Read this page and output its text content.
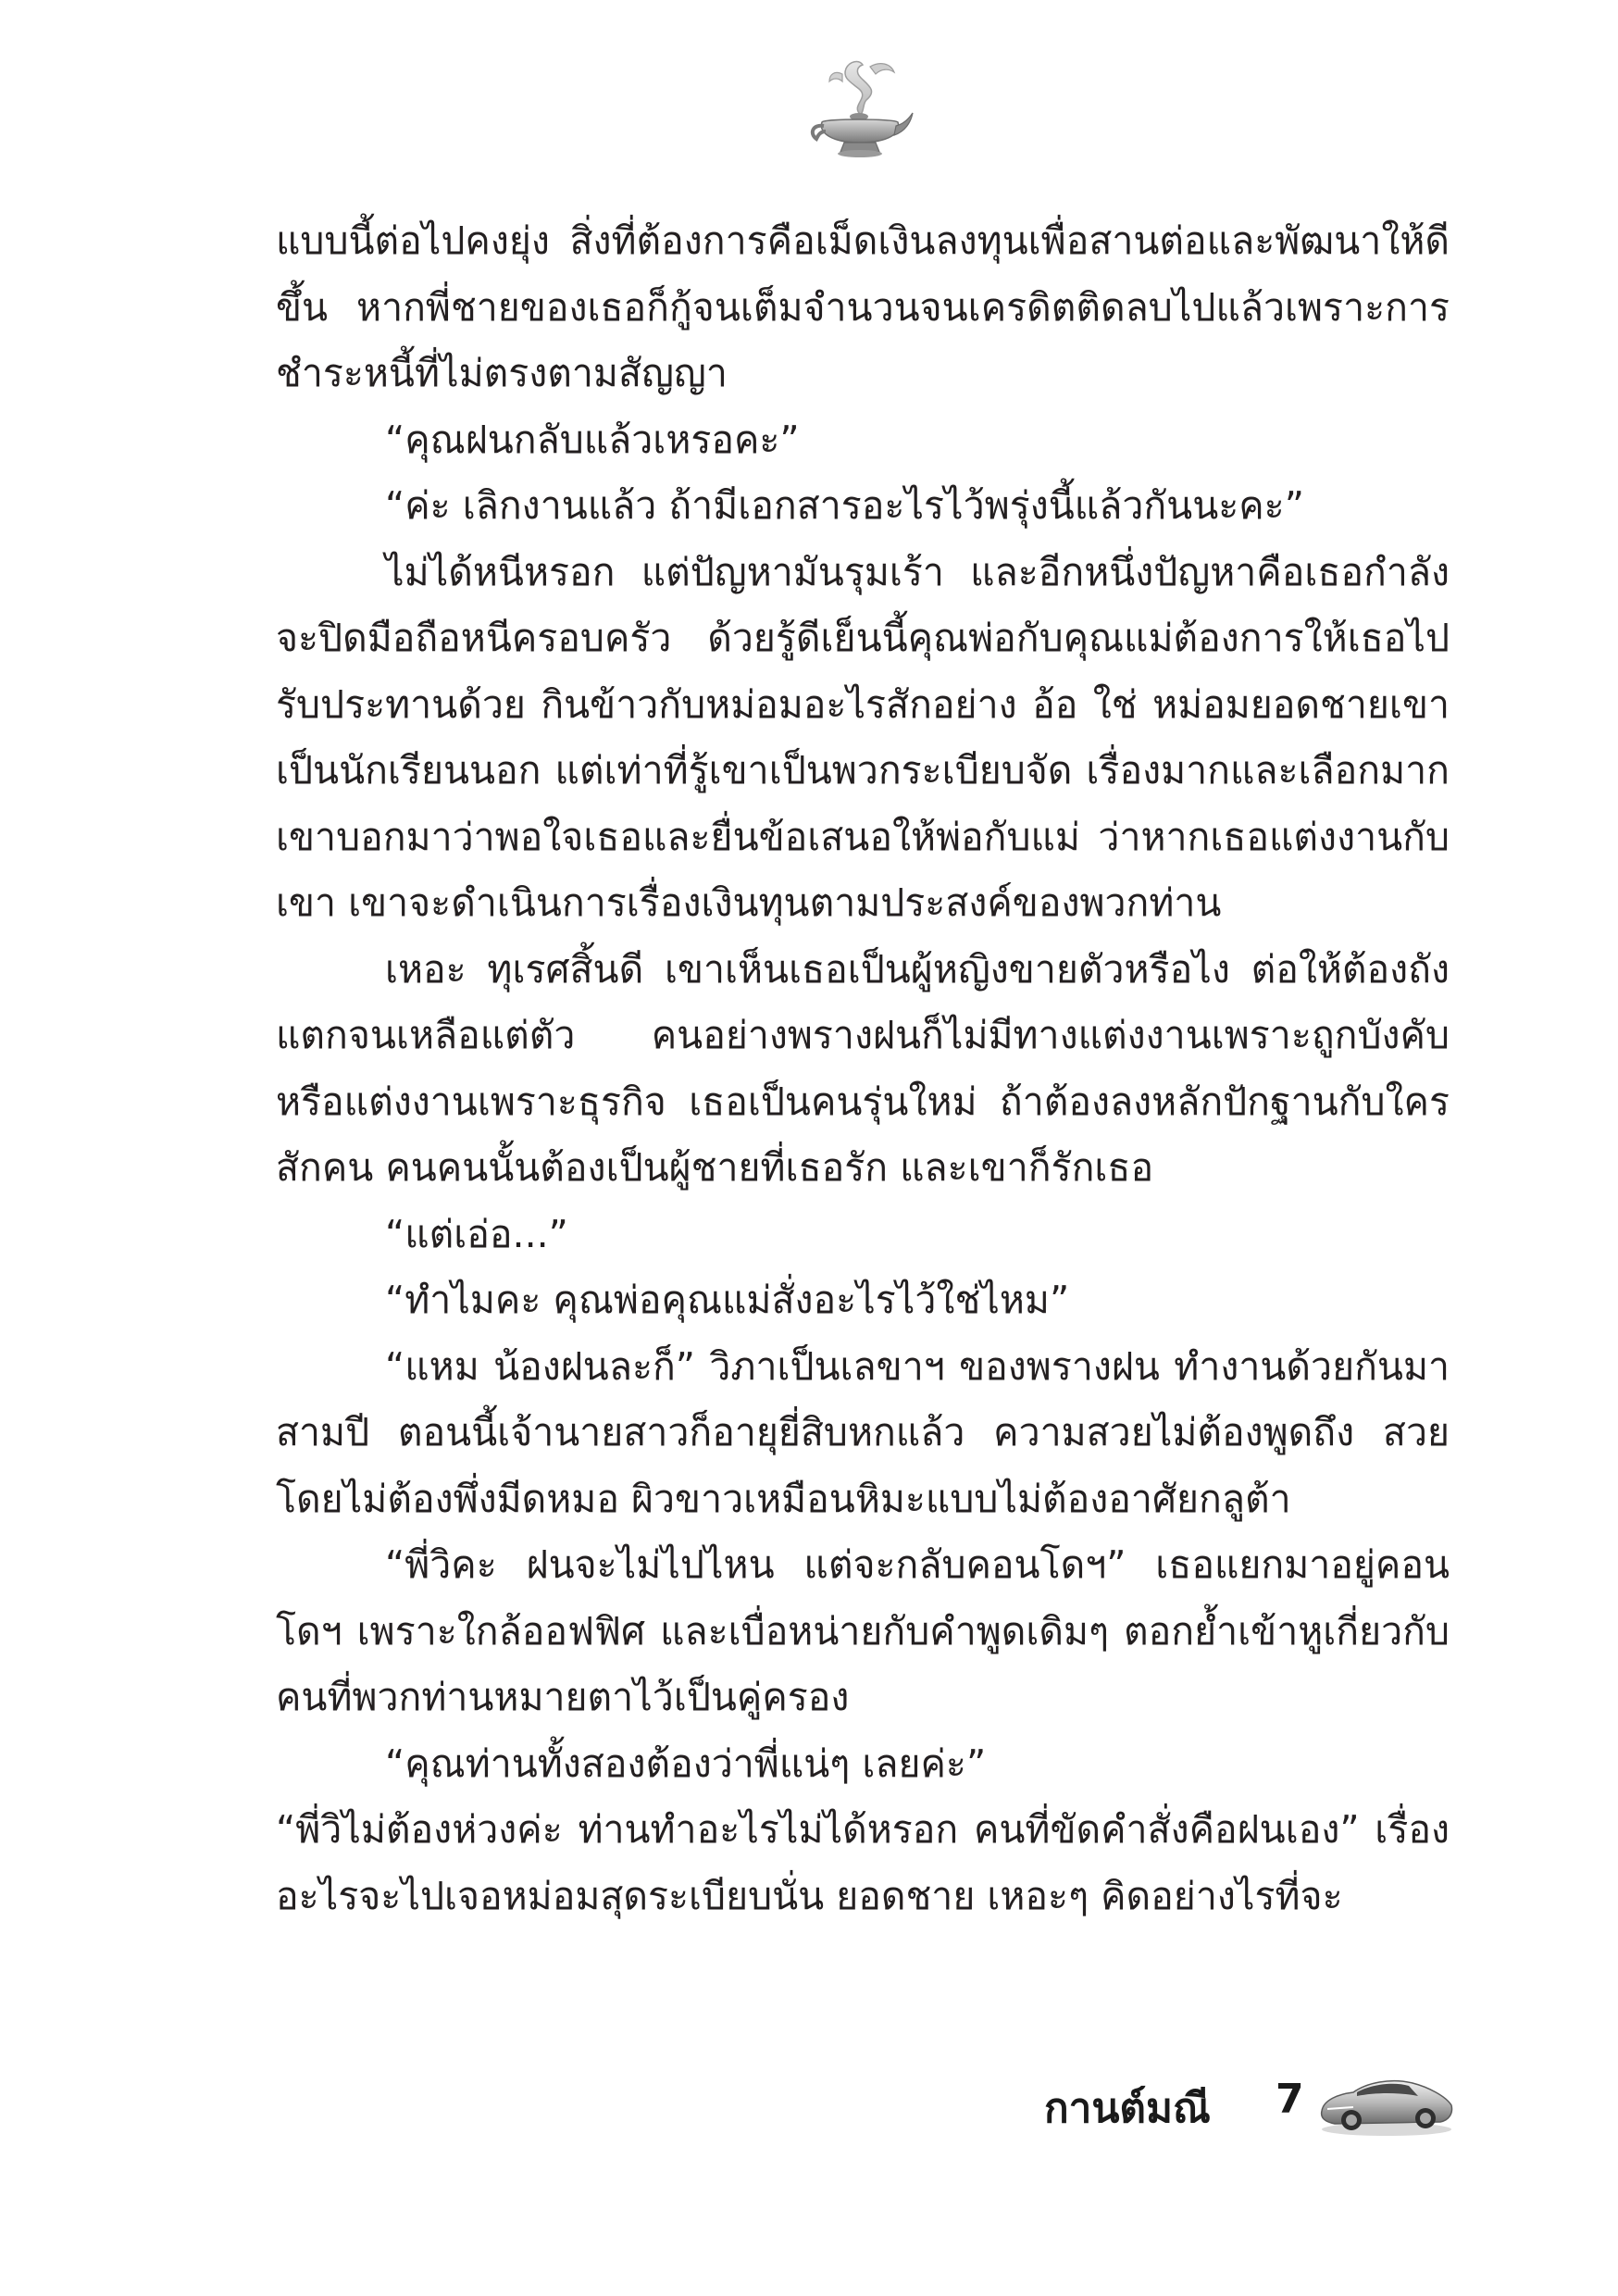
แบบนี้ต่อไปคงยุ่ง สิ่งที่ต้องการคือเม็ดเงินลงทุนเพื่อสานต่อและพัฒนาให้ดีขึ้น หากพี่ชายของเธอก็กู้จนเต็มจำนวนจนเครดิตติดลบไปแล้วเพราะการชำระหนี้ที่ไม่ตรงตามสัญญา

“คุณฝนกลับแล้วเหรอคะ”

“ค่ะ เลิกงานแล้ว ถ้ามีเอกสารอะไรไว้พรุ่งนี้แล้วกันนะคะ”

ไม่ได้หนีหรอก แต่ปัญหามันรุมเร้า และอีกหนึ่งปัญหาคือเธอกำลังจะปิดมือถือหนีครอบครัว ด้วยรู้ดีเย็นนี้คุณพ่อกับคุณแม่ต้องการให้เธอไปรับประทานด้วย กินข้าวกับหม่อมอะไรสักอย่าง อ้อ ใช่ หม่อมยอดชายเขาเป็นนักเรียนนอก แต่เท่าที่รู้เขาเป็นพวกระเบียบจัด เรื่องมากและเลือกมาก เขาบอกมาว่าพอใจเธอและยื่นข้อเสนอให้พ่อกับแม่ ว่าหากเธอแต่งงานกับเขา เขาจะดำเนินการเรื่องเงินทุนตามประสงค์ของพวกท่าน

เหอะ ทุเรศสิ้นดี เขาเห็นเธอเป็นผู้หญิงขายตัวหรือไง ต่อให้ต้องถังแตกจนเหลือแต่ตัว คนอย่างพรางฝนก็ไม่มีทางแต่งงานเพราะถูกบังคับหรือแต่งงานเพราะธุรกิจ เธอเป็นคนรุ่นใหม่ ถ้าต้องลงหลักปักฐานกับใครสักคน คนคนนั้นต้องเป็นผู้ชายที่เธอรัก และเขาก็รักเธอ

“แต่เอ่อ...”

“ทำไมคะ คุณพ่อคุณแม่สั่งอะไรไว้ใช่ไหม”

“แหม น้องฝนละก็” วิภาเป็นเลขาฯ ของพรางฝน ทำงานด้วยกันมาสามปี ตอนนี้เจ้านายสาวก็อายุยี่สิบหกแล้ว ความสวยไม่ต้องพูดถึง สวยโดยไม่ต้องพึ่งมีดหมอ ผิวขาวเหมือนหิมะแบบไม่ต้องอาศัยกลูต้า

“พี่วิคะ ฝนจะไม่ไปไหน แต่จะกลับคอนโดฯ” เธอแยกมาอยู่คอนโดฯ เพราะใกล้ออฟฟิศ และเบื่อหน่ายกับคำพูดเดิมๆ ตอกย้ำเข้าหูเกี่ยวกับคนที่พวกท่านหมายตาไว้เป็นคู่ครอง

“คุณท่านทั้งสองต้องว่าพี่แน่ๆ เลยค่ะ”

“พี่วิไม่ต้องห่วงค่ะ ท่านทำอะไรไม่ได้หรอก คนที่ขัดคำสั่งคือฝนเอง” เรื่องอะไรจะไปเจอหม่อมสุดระเบียบนั่น ยอดชาย เหอะๆ คิดอย่างไรที่จะ

กานต์มณี 7
